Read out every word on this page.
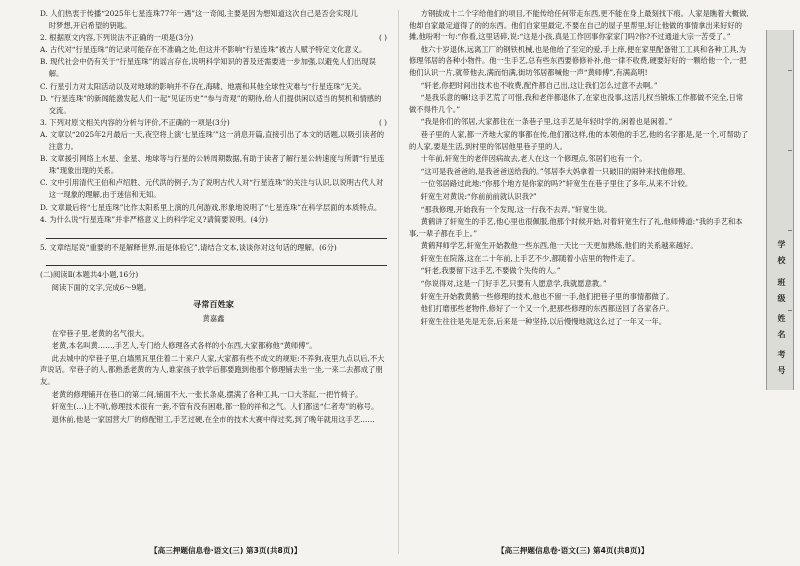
D. 人们热衷于传播“2025年七星连珠77年一遇”这一奇闻,主要是因为想知道这次自己是否会实现儿
时梦想,开启希望的钥匙。

2. 根据原文内容,下列说法不正确的一项是(3分)	( )

A. 古代对“行星连珠”的记录可能存在不准确之处,但这并不影响“行星连珠”被古人赋予特定文化意义。

B. 现代社会中仍有关于“行星连珠”的谣言存在,说明科学知识的普及还需要进一步加强,以避免人们出现误解。

C. 行星引力对太阳活动以及对地球的影响并不存在,海啸、地震和其他全球性灾难与“行星连珠”无关。

D. “行星连珠”的新闻能激发起人们一起“见证历史”“参与奇观”的期待,给人们提供闲以适当的契机和情感的交流。

3. 下列对原文相关内容的分析与评价,不正确的一项是(3分)	( )

A. 文章以“2025年2月最后一天,夜空将上演‘七星连珠’”这一消息开篇,直接引出了本文的话题,以吸引读者的注意力。

B. 文章援引网络上水星、金星、地球等与行星的公转周期数据,有助于读者了解行星公转速度与所谓“行星连珠”现象出现的关系。

C. 文中引用清代王伯和卢绍胜、元代洪的例子,为了说明古代人对“行星连珠”的关注与认识,以说明古代人对这一现象的理解,由于迷信和无知。

D. 文章最后将“七星连珠”比作太阳系里上演的几何游戏,形象地说明了“七星连珠”在科学层面的本质特点。

4. 为什么说“行星连珠”并非严格意义上的科学定义?请简要说明。(4分)

5. 文章结尾说“重要的不是解释世界,而是体验它”,请结合文本,谈谈你对这句话的理解。(6分)

(二)阅读Ⅱ(本题共4小题,16分)

阅读下面的文字,完成6～9题。

寻常百姓家
黄嘉鑫

在窄巷子里,老黄的名气很大。

老黄,本名叫黄……,手艺人,专门给人修理各式各样的小东西,大家都称他“黄师傅”。

此去城中的窄巷子里,白墙黑瓦里住着二十来户人家,大家都有些不成文的规矩:不养狗,夜里九点以后,不大声说话。窄巷子的人,都熟悉老黄的为人,谁家孩子放学后都要跑到他那个修理铺去坐一坐,一来二去都成了朋友。

老黄的修理铺开在巷口的第二间,铺面不大,一张长条桌,摆满了各种工具,一口大茶缸,一把竹椅子。

轩宽生(…)上不吭,修理技术很有一套,不管有没有困难,都一脸的祥和之气。人们都送“仁者寿”的称号。

退休前,他是一家国营大厂的修配钳工,手艺过硬,在全市的技术大赛中得过奖,到了晚年就用这手艺……

方钢拔成十二个字给他们的项目,不能传给任何带走东西,更不能在身上最刻找下痕。人家是瞧着大概做,他却自家最定道得了的的东西。他们自家里最定,不要在自己的屋子里帮里,好让他做的事情拿出来好好的摊,他吩咐一句:“你看,这里话碎,说:“这是小孩,真是工作回事你家家门吗?你?不过通道大宗一苦受了。”

他六十岁退休,远离工厂的钢铁机械,也是他给了至定的爱,手上痒,便在家里配备钳工工具和各种工具,为修理邻居的各种小物件。他一生手艺,总有些东西要修修补补,他一律不收费,硬要好好的一颗给他一个,一把他们认识一片,就带他去,满而怕满,街坊邻居都喊他一声“黄师傅”,有满高明!

“轩老,你把时间出技术也不收费,配件都自己出,这让我们怎么过意不去啊。”

“是我乐意的嘛!这手艺荒了可惜,我和老伴都退休了,在家也没事,这活儿权当锻炼工作都做不完全,日常做不得件几个。”

“我是你们的邻居,大家都住在一条巷子里,这手艺是年轻时学的,闲着也是闲着。”

巷子里的人家,都一齐地大家的事都在传,他们都这样,他的本领他的手艺,他的名字都是,是一个,可帮助了的人家,要是生活,到村里的邻居他里巷子里的人。

十年前,轩宽生的老伴因病故去,老人在这一个修理点,邻居们也有一个。

“这可是我爸爸的,是我爸爸送给我的。”邻居李大妈拿着一只破旧的闹钟来找他修理。

一位邻居路过此地:“你那个地方是你家的吗?”轩宽生在巷子里住了多年,从来不计较。

轩宽生对黄说:“你前前前就认识我?”

“那我修理,开始我有一个发现,这一行我不去弄。”轩宽生说。

黄鹤讲了轩宽生的手艺,他心里也很佩服,他那个时候开始,对着轩宽生行了礼,他师傅道:“我的手艺和本事,一辈子都在手上。”

黄鹤拜师学艺,轩宽生开始教他一些东西,他一天比一天更加熟练,他们的关系越来越好。

轩宽生在院落,这在二十年前,上手艺不少,都随着小店里的物件走了。

“轩老,我要留下这手艺,不要做个失传的人。”

“你说得对,这是一门好手艺,只要有人愿意学,我就愿意教。”

轩宽生开始教黄鹤一些修理的技术,他也不留一手,他们把巷子里的事情都做了。

他们打磨那些老物件,修好了一个又一个,把那些修理的东西都送回了各家各户。

轩宽生往往是先是无奈,后来是一种坚持,以后慢慢地就这么过了一年又一年。

【高三押题信息卷·语文(三) 第3页(共8页)】	【高三押题信息卷·语文(三) 第4页(共8页)】
学
校
班
级
姓
名
考
号
